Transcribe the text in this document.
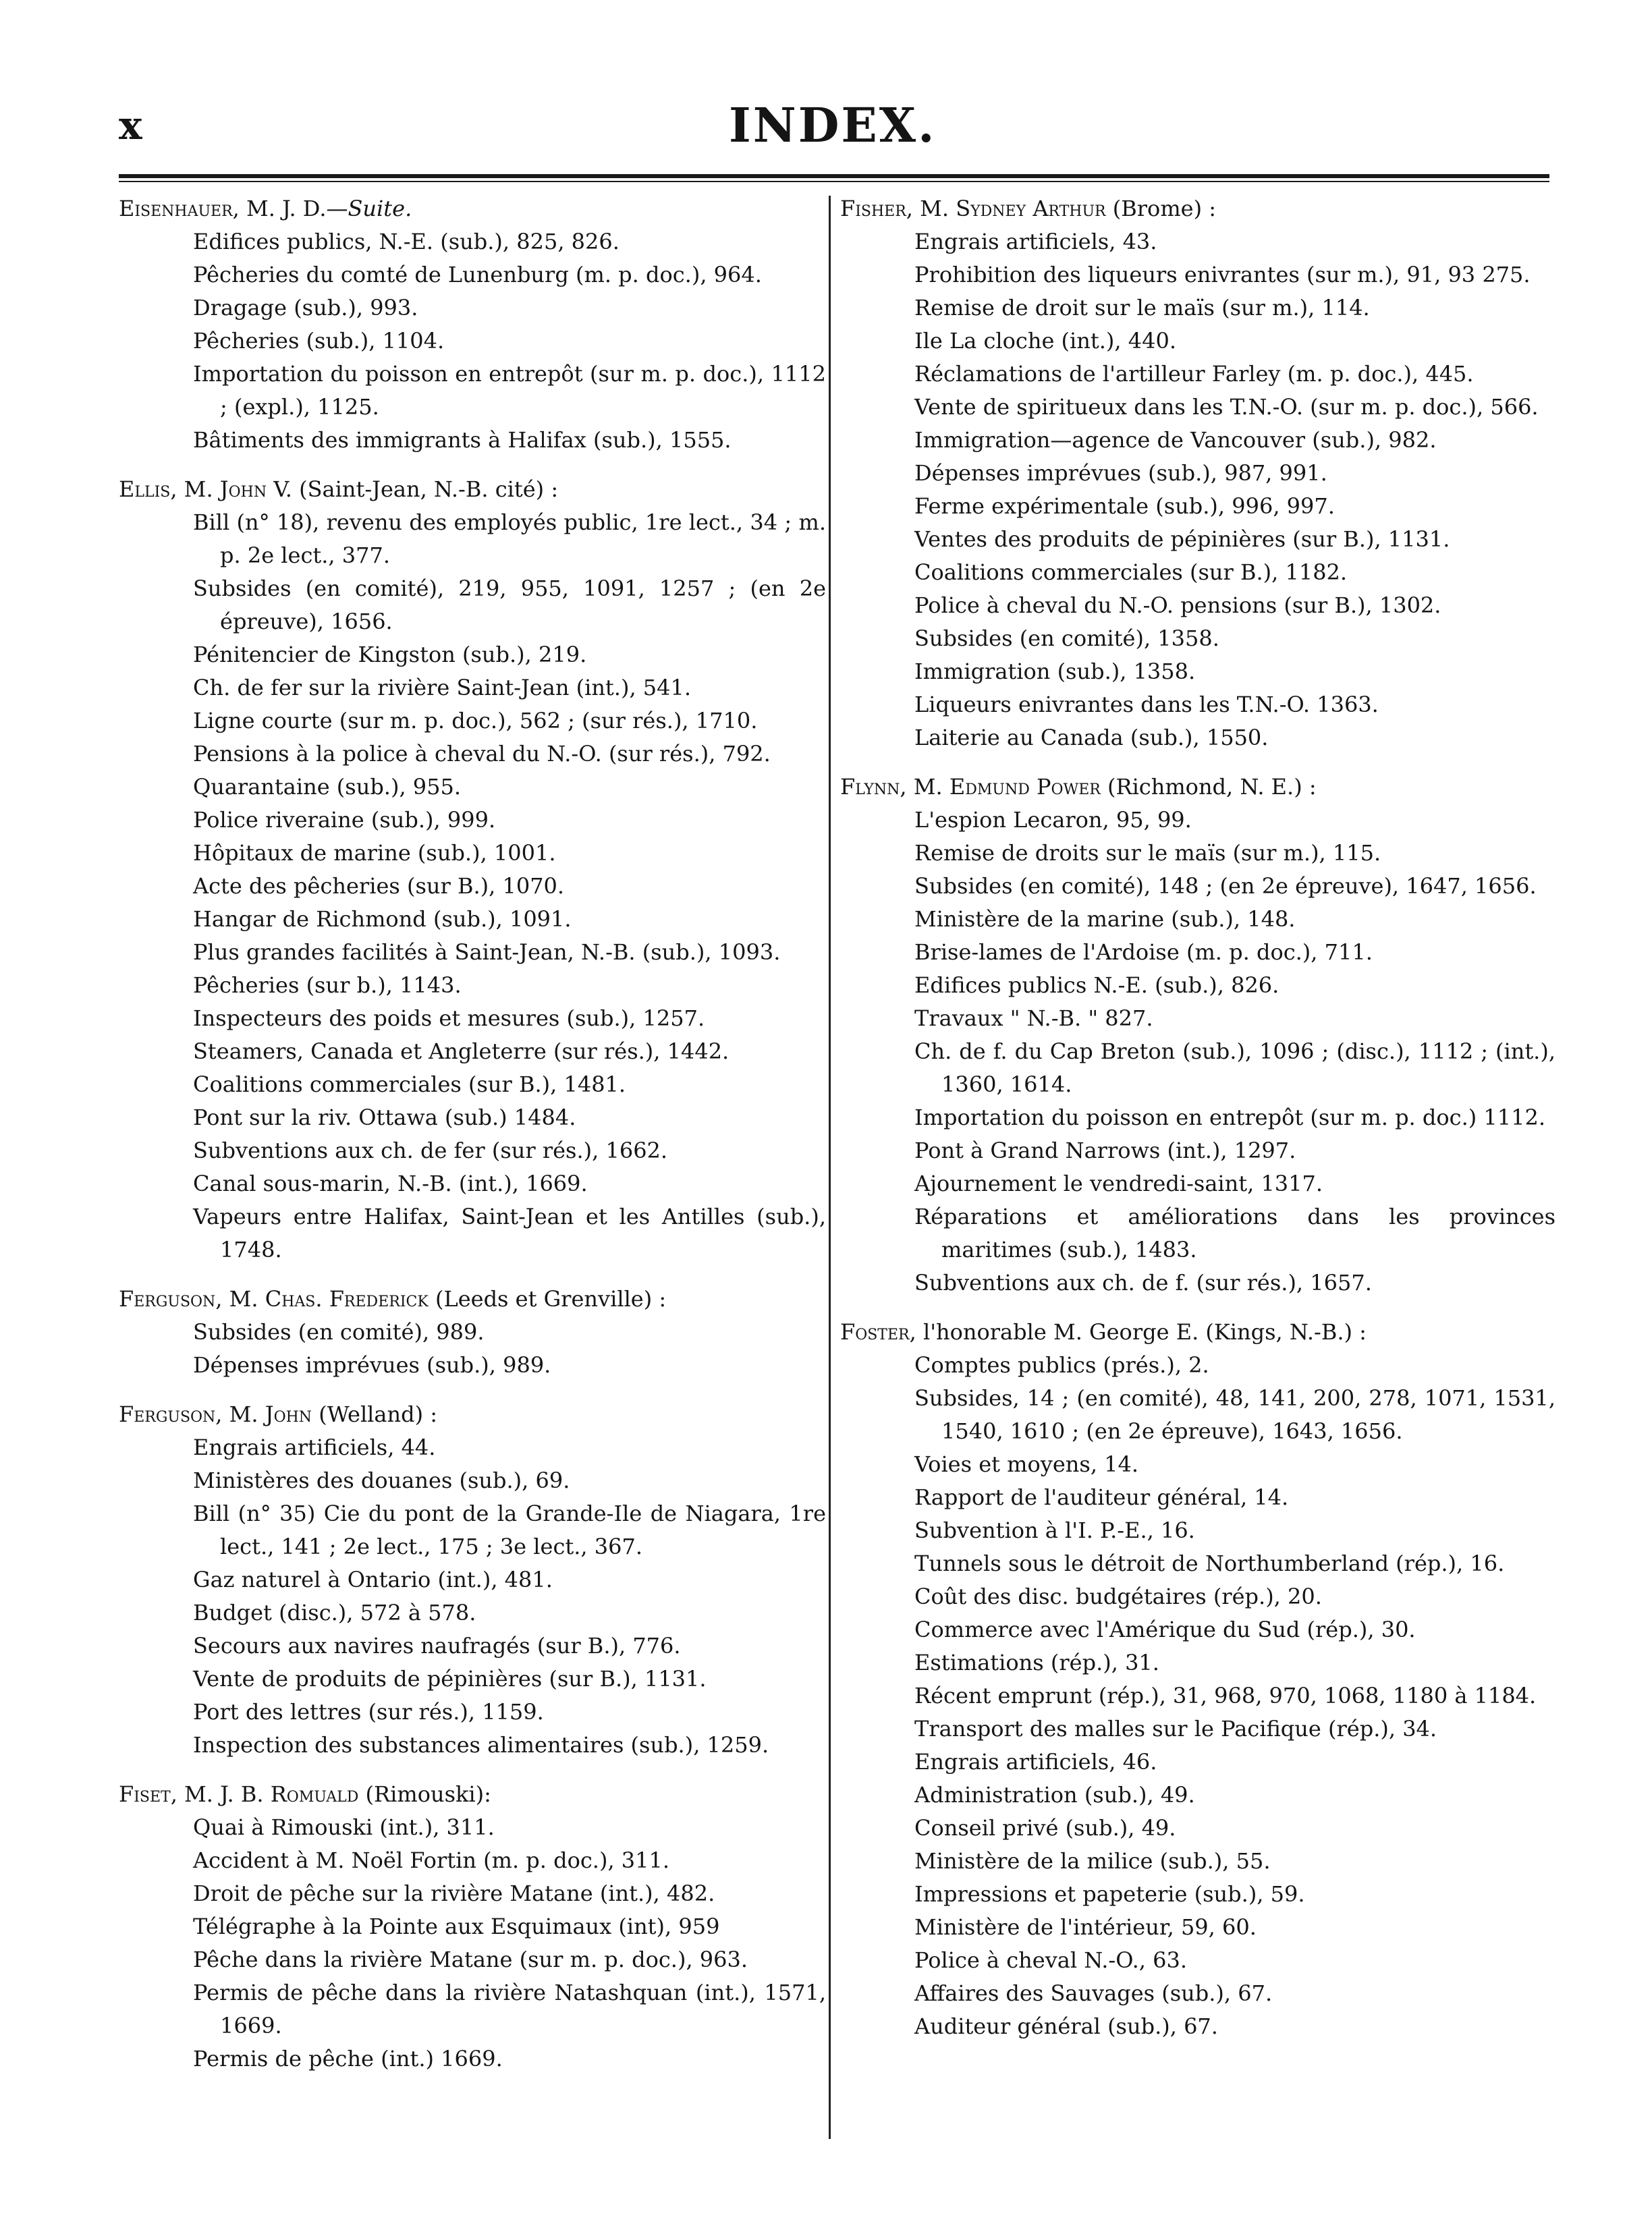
x	INDEX.
Eisenhauer, M. J. D.—Suite.
Edifices publics, N.-E. (sub.), 825, 826.
Pêcheries du comté de Lunenburg (m. p. doc.), 964.
Dragage (sub.), 993.
Pêcheries (sub.), 1104.
Importation du poisson en entrepôt (sur m. p. doc.), 1112 ; (expl.), 1125.
Bâtiments des immigrants à Halifax (sub.), 1555.
Ellis, M. John V. (Saint-Jean, N.-B. cité) :
Bill (n° 18), revenu des employés public, 1re lect., 34 ; m. p. 2e lect., 377.
Subsides (en comité), 219, 955, 1091, 1257 ; (en 2e épreuve), 1656.
Pénitencier de Kingston (sub.), 219.
Ch. de fer sur la rivière Saint-Jean (int.), 541.
Ligne courte (sur m. p. doc.), 562 ; (sur rés.), 1710.
Pensions à la police à cheval du N.-O. (sur rés.), 792.
Quarantaine (sub.), 955.
Police riveraine (sub.), 999.
Hôpitaux de marine (sub.), 1001.
Acte des pêcheries (sur B.), 1070.
Hangar de Richmond (sub.), 1091.
Plus grandes facilités à Saint-Jean, N.-B. (sub.), 1093.
Pêcheries (sur b.), 1143.
Inspecteurs des poids et mesures (sub.), 1257.
Steamers, Canada et Angleterre (sur rés.), 1442.
Coalitions commerciales (sur B.), 1481.
Pont sur la riv. Ottawa (sub.) 1484.
Subventions aux ch. de fer (sur rés.), 1662.
Canal sous-marin, N.-B. (int.), 1669.
Vapeurs entre Halifax, Saint-Jean et les Antilles (sub.), 1748.
Ferguson, M. Chas. Frederick (Leeds et Grenville) :
Subsides (en comité), 989.
Dépenses imprévues (sub.), 989.
Ferguson, M. John (Welland) :
Engrais artificiels, 44.
Ministères des douanes (sub.), 69.
Bill (n° 35) Cie du pont de la Grande-Ile de Niagara, 1re lect., 141 ; 2e lect., 175 ; 3e lect., 367.
Gaz naturel à Ontario (int.), 481.
Budget (disc.), 572 à 578.
Secours aux navires naufragés (sur B.), 776.
Vente de produits de pépinières (sur B.), 1131.
Port des lettres (sur rés.), 1159.
Inspection des substances alimentaires (sub.), 1259.
Fiset, M. J. B. Romuald (Rimouski):
Quai à Rimouski (int.), 311.
Accident à M. Noël Fortin (m. p. doc.), 311.
Droit de pêche sur la rivière Matane (int.), 482.
Télégraphe à la Pointe aux Esquimaux (int), 959
Pêche dans la rivière Matane (sur m. p. doc.), 963.
Permis de pêche dans la rivière Natashquan (int.), 1571, 1669.
Permis de pêche (int.) 1669.
Fisher, M. Sydney Arthur (Brome) :
Engrais artificiels, 43.
Prohibition des liqueurs enivrantes (sur m.), 91, 93 275.
Remise de droit sur le maïs (sur m.), 114.
Ile La cloche (int.), 440.
Réclamations de l'artilleur Farley (m. p. doc.), 445.
Vente de spiritueux dans les T.N.-O. (sur m. p. doc.), 566.
Immigration—agence de Vancouver (sub.), 982.
Dépenses imprévues (sub.), 987, 991.
Ferme expérimentale (sub.), 996, 997.
Ventes des produits de pépinières (sur B.), 1131.
Coalitions commerciales (sur B.), 1182.
Police à cheval du N.-O. pensions (sur B.), 1302.
Subsides (en comité), 1358.
Immigration (sub.), 1358.
Liqueurs enivrantes dans les T.N.-O. 1363.
Laiterie au Canada (sub.), 1550.
Flynn, M. Edmund Power (Richmond, N. E.) :
L'espion Lecaron, 95, 99.
Remise de droits sur le maïs (sur m.), 115.
Subsides (en comité), 148 ; (en 2e épreuve), 1647, 1656.
Ministère de la marine (sub.), 148.
Brise-lames de l'Ardoise (m. p. doc.), 711.
Edifices publics N.-E. (sub.), 826.
Travaux " N.-B. " 827.
Ch. de f. du Cap Breton (sub.), 1096 ; (disc.), 1112 ; (int.), 1360, 1614.
Importation du poisson en entrepôt (sur m. p. doc.) 1112.
Pont à Grand Narrows (int.), 1297.
Ajournement le vendredi-saint, 1317.
Réparations et améliorations dans les provinces maritimes (sub.), 1483.
Subventions aux ch. de f. (sur rés.), 1657.
Foster, l'honorable M. George E. (Kings, N.-B.) :
Comptes publics (prés.), 2.
Subsides, 14 ; (en comité), 48, 141, 200, 278, 1071, 1531, 1540, 1610 ; (en 2e épreuve), 1643, 1656.
Voies et moyens, 14.
Rapport de l'auditeur général, 14.
Subvention à l'I. P.-E., 16.
Tunnels sous le détroit de Northumberland (rép.), 16.
Coût des disc. budgétaires (rép.), 20.
Commerce avec l'Amérique du Sud (rép.), 30.
Estimations (rép.), 31.
Récent emprunt (rép.), 31, 968, 970, 1068, 1180 à 1184.
Transport des malles sur le Pacifique (rép.), 34.
Engrais artificiels, 46.
Administration (sub.), 49.
Conseil privé (sub.), 49.
Ministère de la milice (sub.), 55.
Impressions et papeterie (sub.), 59.
Ministère de l'intérieur, 59, 60.
Police à cheval N.-O., 63.
Affaires des Sauvages (sub.), 67.
Auditeur général (sub.), 67.
